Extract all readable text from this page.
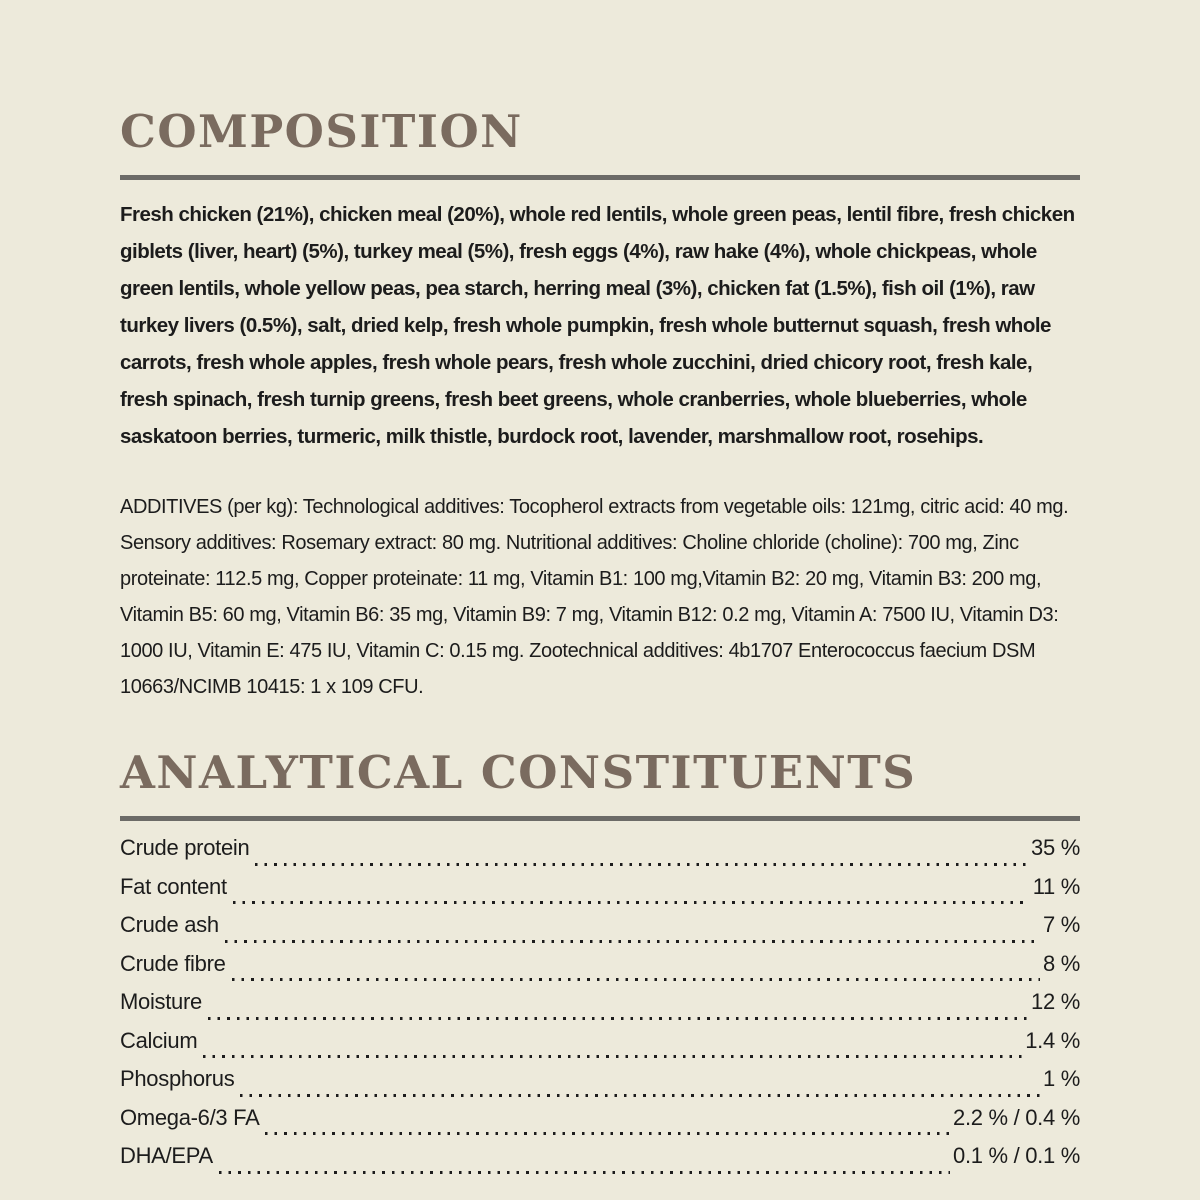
COMPOSITION

Fresh chicken (21%), chicken meal (20%), whole red lentils, whole green peas, lentil fibre, fresh chicken giblets (liver, heart) (5%), turkey meal (5%), fresh eggs (4%), raw hake (4%), whole chickpeas, whole green lentils, whole yellow peas, pea starch, herring meal (3%), chicken fat (1.5%), fish oil (1%), raw turkey livers (0.5%), salt, dried kelp, fresh whole pumpkin, fresh whole butternut squash, fresh whole carrots, fresh whole apples, fresh whole pears, fresh whole zucchini, dried chicory root, fresh kale, fresh spinach, fresh turnip greens, fresh beet greens, whole cranberries, whole blueberries, whole saskatoon berries, turmeric, milk thistle, burdock root, lavender, marshmallow root, rosehips.

ADDITIVES (per kg): Technological additives: Tocopherol extracts from vegetable oils: 121mg, citric acid: 40 mg. Sensory additives: Rosemary extract: 80 mg. Nutritional additives: Choline chloride (choline): 700 mg, Zinc proteinate: 112.5 mg, Copper proteinate: 11 mg, Vitamin B1: 100 mg,Vitamin B2: 20 mg, Vitamin B3: 200 mg, Vitamin B5: 60 mg, Vitamin B6: 35 mg, Vitamin B9: 7 mg, Vitamin B12: 0.2 mg, Vitamin A: 7500 IU, Vitamin D3: 1000 IU, Vitamin E: 475 IU, Vitamin C: 0.15 mg. Zootechnical additives: 4b1707 Enterococcus faecium DSM 10663/NCIMB 10415: 1 x 109 CFU.

ANALYTICAL CONSTITUENTS
Crude protein	35 %
Fat content	11 %
Crude ash	7 %
Crude fibre	8 %
Moisture	12 %
Calcium	1.4 %
Phosphorus	1 %
Omega-6/3 FA	2.2 % / 0.4 %
DHA/EPA	0.1 % / 0.1 %
